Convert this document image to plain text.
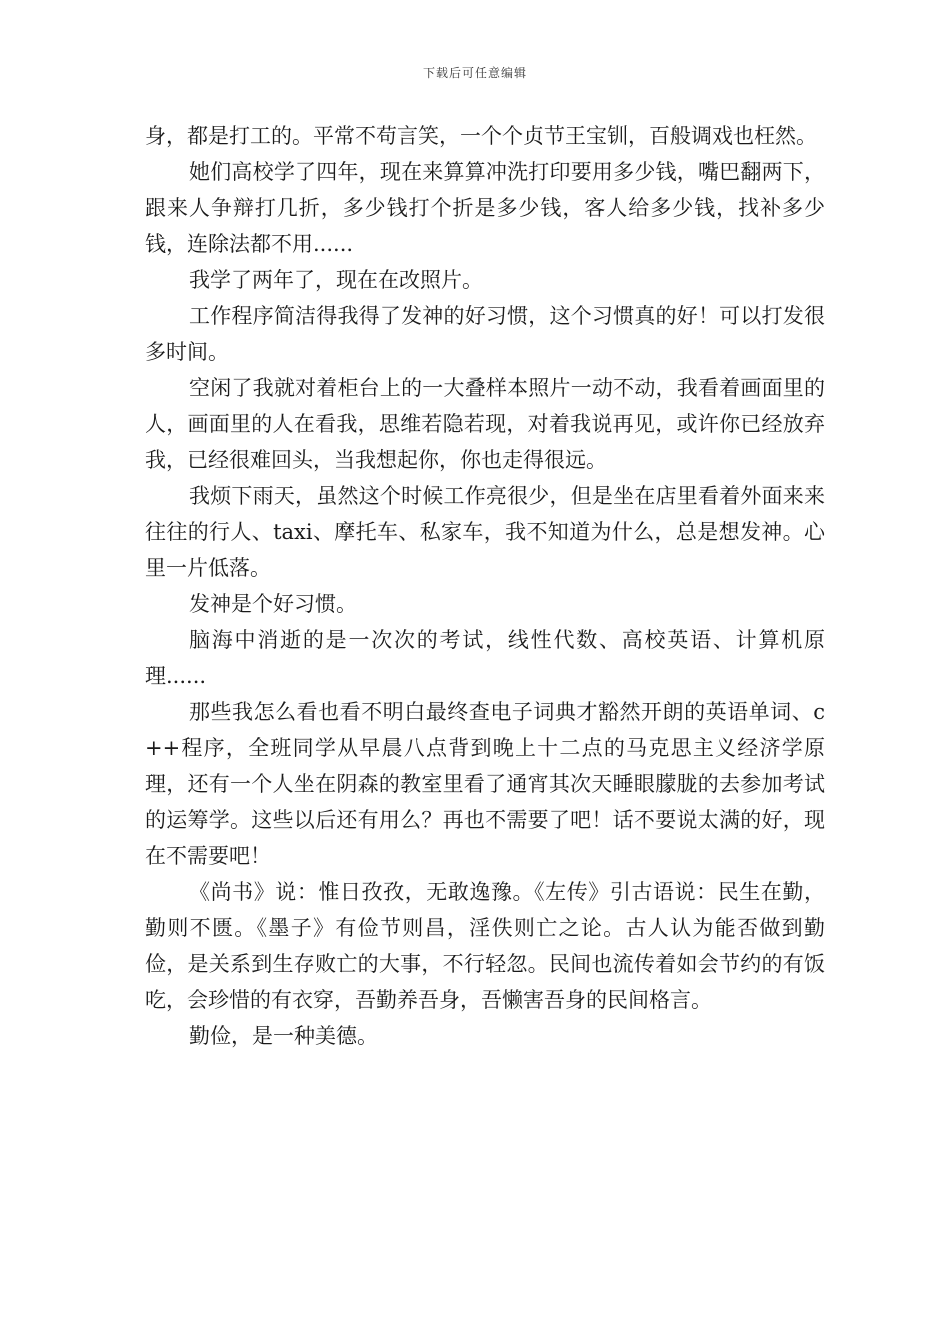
下载后可任意编辑

身，都是打工的。平常不苟言笑，一个个贞节王宝钏，百般调戏也枉然。

她们高校学了四年，现在来算算冲洗打印要用多少钱，嘴巴翻两下，跟来人争辩打几折，多少钱打个折是多少钱，客人给多少钱，找补多少钱，连除法都不用......

我学了两年了，现在在改照片。

工作程序简洁得我得了发神的好习惯，这个习惯真的好！可以打发很多时间。

空闲了我就对着柜台上的一大叠样本照片一动不动，我看着画面里的人，画面里的人在看我，思维若隐若现，对着我说再见，或许你已经放弃我，已经很难回头，当我想起你，你也走得很远。

我烦下雨天，虽然这个时候工作亮很少，但是坐在店里看着外面来来往往的行人、taxi、摩托车、私家车，我不知道为什么，总是想发神。心里一片低落。

发神是个好习惯。

脑海中消逝的是一次次的考试，线性代数、高校英语、计算机原理......

那些我怎么看也看不明白最终查电子词典才豁然开朗的英语单词、c++程序，全班同学从早晨八点背到晚上十二点的马克思主义经济学原理，还有一个人坐在阴森的教室里看了通宵其次天睡眼朦胧的去参加考试的运筹学。这些以后还有用么？再也不需要了吧！话不要说太满的好，现在不需要吧！

《尚书》说：惟日孜孜，无敢逸豫。《左传》引古语说：民生在勤，勤则不匮。《墨子》有俭节则昌，淫佚则亡之论。古人认为能否做到勤俭，是关系到生存败亡的大事，不行轻忽。民间也流传着如会节约的有饭吃，会珍惜的有衣穿，吾勤养吾身，吾懒害吾身的民间格言。

勤俭，是一种美德。
